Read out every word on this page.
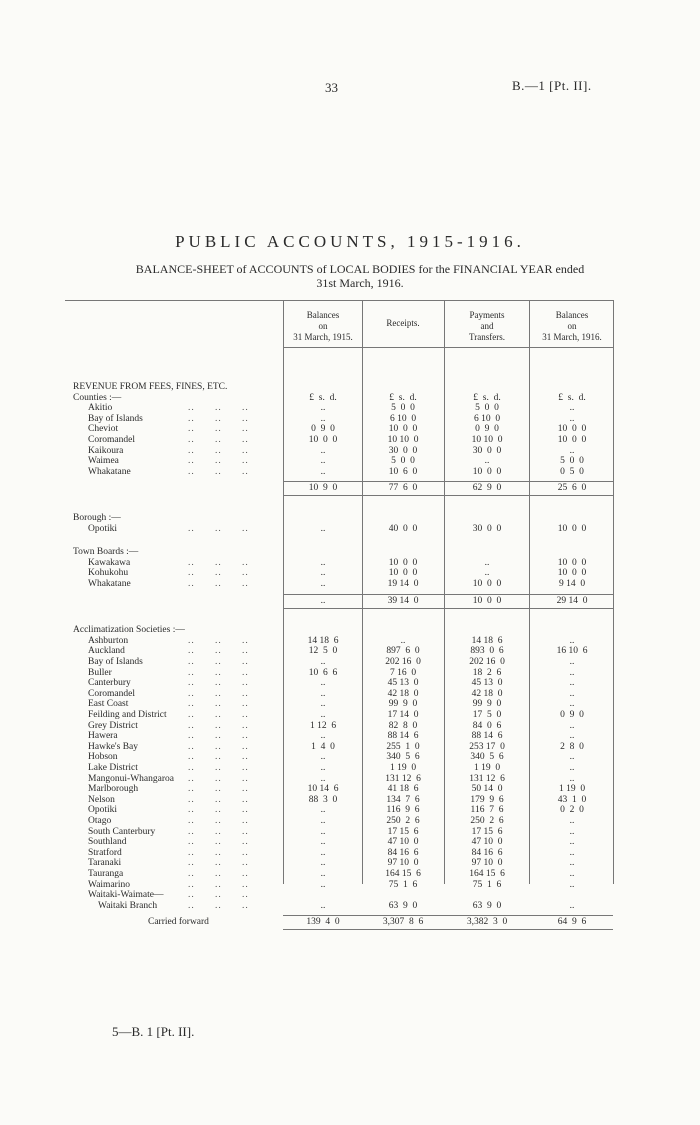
33	B.—1 [Pt. II].
PUBLIC ACCOUNTS, 1915-1916.
BALANCE-SHEET of ACCOUNTS of LOCAL BODIES for the FINANCIAL YEAR ended
31st March, 1916.
Balances
on
31 March, 1915.
Receipts.
Payments
and
Transfers.
Balances
on
31 March, 1916.
REVENUE FROM FEES, FINES, ETC.
Counties :—	£  s.  d.	£  s.  d.	£  s.  d.	£  s.  d.
Akitio	..      ..      ..	..	5  0  0	5  0  0	..
Bay of Islands	..      ..      ..	..	6 10  0	6 10  0	..
Cheviot	..      ..      ..	0  9  0	10  0  0	0  9  0	10  0  0
Coromandel	..      ..      ..	10  0  0	10 10  0	10 10  0	10  0  0
Kaikoura	..      ..      ..	..	30  0  0	30  0  0	..
Waimea	..      ..      ..	..	5  0  0	..	5  0  0
Whakatane	..      ..      ..	..	10  6  0	10  0  0	0  5  0
10  9  0	77  6  0	62  9  0	25  6  0
Borough :—
Opotiki	..      ..      ..	..	40  0  0	30  0  0	10  0  0
Town Boards :—
Kawakawa	..      ..      ..	..	10  0  0	..	10  0  0
Kohukohu	..      ..      ..	..	10  0  0	..	10  0  0
Whakatane	..      ..      ..	..	19 14  0	10  0  0	9 14  0
..	39 14  0	10  0  0	29 14  0
Acclimatization Societies :—
Ashburton	..      ..      ..	14 18  6	..	14 18  6	..
Auckland	..      ..      ..	12  5  0	897  6  0	893  0  6	16 10  6
Bay of Islands	..      ..      ..	..	202 16  0	202 16  0	..
Buller	..      ..      ..	10  6  6	7 16  0	18  2  6	..
Canterbury	..      ..      ..	..	45 13  0	45 13  0	..
Coromandel	..      ..      ..	..	42 18  0	42 18  0	..
East Coast	..      ..      ..	..	99  9  0	99  9  0	..
Feilding and District ..      ..      ..	..	17 14  0	17  5  0	0  9  0
Grey District	..      ..      ..	1 12  6	82  8  0	84  0  6	..
Hawera	..      ..      ..	..	88 14  6	88 14  6	..
Hawke's Bay	..      ..      ..	1  4  0	255  1  0	253 17  0	2  8  0
Hobson	..      ..      ..	..	340  5  6	340  5  6	..
Lake District	..      ..      ..	..	1 19  0	1 19  0	..
Mangonui-Whangaroa ..      ..      ..	..	131 12  6	131 12  6	..
Marlborough	..      ..      ..	10 14  6	41 18  6	50 14  0	1 19  0
Nelson	..      ..      ..	88  3  0	134  7  6	179  9  6	43  1  0
Opotiki	..      ..      ..	..	116  9  6	116  7  6	0  2  0
Otago	..      ..      ..	..	250  2  6	250  2  6	..
South Canterbury	..      ..      ..	..	17 15  6	17 15  6	..
Southland	..      ..      ..	..	47 10  0	47 10  0	..
Stratford	..      ..      ..	..	84 16  6	84 16  6	..
Taranaki	..      ..      ..	..	97 10  0	97 10  0	..
Tauranga	..      ..      ..	..	164 15  6	164 15  6	..
Waimarino	..      ..      ..	..	75  1  6	75  1  6	..
Waitaki-Waimate—	..      ..      ..
Waitaki Branch	..      ..      ..	..	63  9  0	63  9  0	..
Carried forward	139  4  0	3,307  8  6	3,382  3  0	64  9  6
5—B. 1 [Pt. II].
